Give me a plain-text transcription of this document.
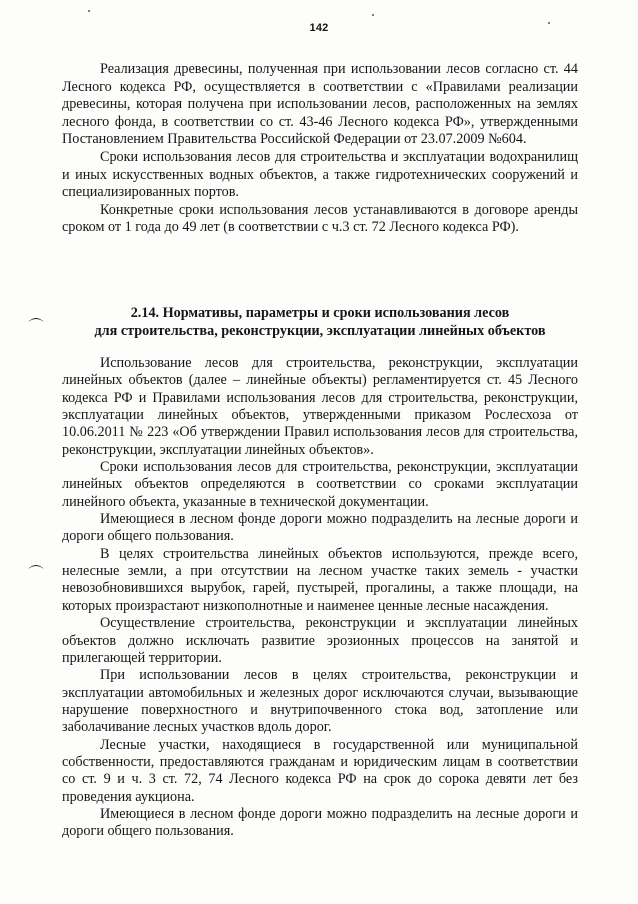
142

Реализация древесины, полученная при использовании лесов согласно ст. 44 Лесного кодекса РФ, осуществляется в соответствии с «Правилами реализации древесины, которая получена при использовании лесов, расположенных на землях лесного фонда, в соответствии со ст. 43-46 Лесного кодекса РФ», утвержденными Постановлением Правительства Российской Федерации от 23.07.2009 №604.

Сроки использования лесов для строительства и эксплуатации водохранилищ и иных искусственных водных объектов, а также гидротехнических сооружений и специализированных портов.

Конкретные сроки использования лесов устанавливаются в договоре аренды сроком от 1 года до 49 лет (в соответствии с ч.3 ст. 72 Лесного кодекса РФ).

2.14. Нормативы, параметры и сроки использования лесов
для строительства, реконструкции, эксплуатации линейных объектов

Использование лесов для строительства, реконструкции, эксплуатации линейных объектов (далее – линейные объекты) регламентируется ст. 45 Лесного кодекса РФ и Правилами использования лесов для строительства, реконструкции, эксплуатации линейных объектов, утвержденными приказом Рослесхоза от 10.06.2011 № 223 «Об утверждении Правил использования лесов для строительства, реконструкции, эксплуатации линейных объектов».

Сроки использования лесов для строительства, реконструкции, эксплуатации линейных объектов определяются в соответствии со сроками эксплуатации линейного объекта, указанные в технической документации.

Имеющиеся в лесном фонде дороги можно подразделить на лесные дороги и дороги общего пользования.

В целях строительства линейных объектов используются, прежде всего, нелесные земли, а при отсутствии на лесном участке таких земель - участки невозобновившихся вырубок, гарей, пустырей, прогалины, а также площади, на которых произрастают низкополнотные и наименее ценные лесные насаждения.

Осуществление строительства, реконструкции и эксплуатации линейных объектов должно исключать развитие эрозионных процессов на занятой и прилегающей территории.

При использовании лесов в целях строительства, реконструкции и эксплуатации автомобильных и железных дорог исключаются случаи, вызывающие нарушение поверхностного и внутрипочвенного стока вод, затопление или заболачивание лесных участков вдоль дорог.

Лесные участки, находящиеся в государственной или муниципальной собственности, предоставляются гражданам и юридическим лицам в соответствии со ст. 9 и ч. 3 ст. 72, 74 Лесного кодекса РФ на срок до сорока девяти лет без проведения аукциона.

Имеющиеся в лесном фонде дороги можно подразделить на лесные дороги и дороги общего пользования.
